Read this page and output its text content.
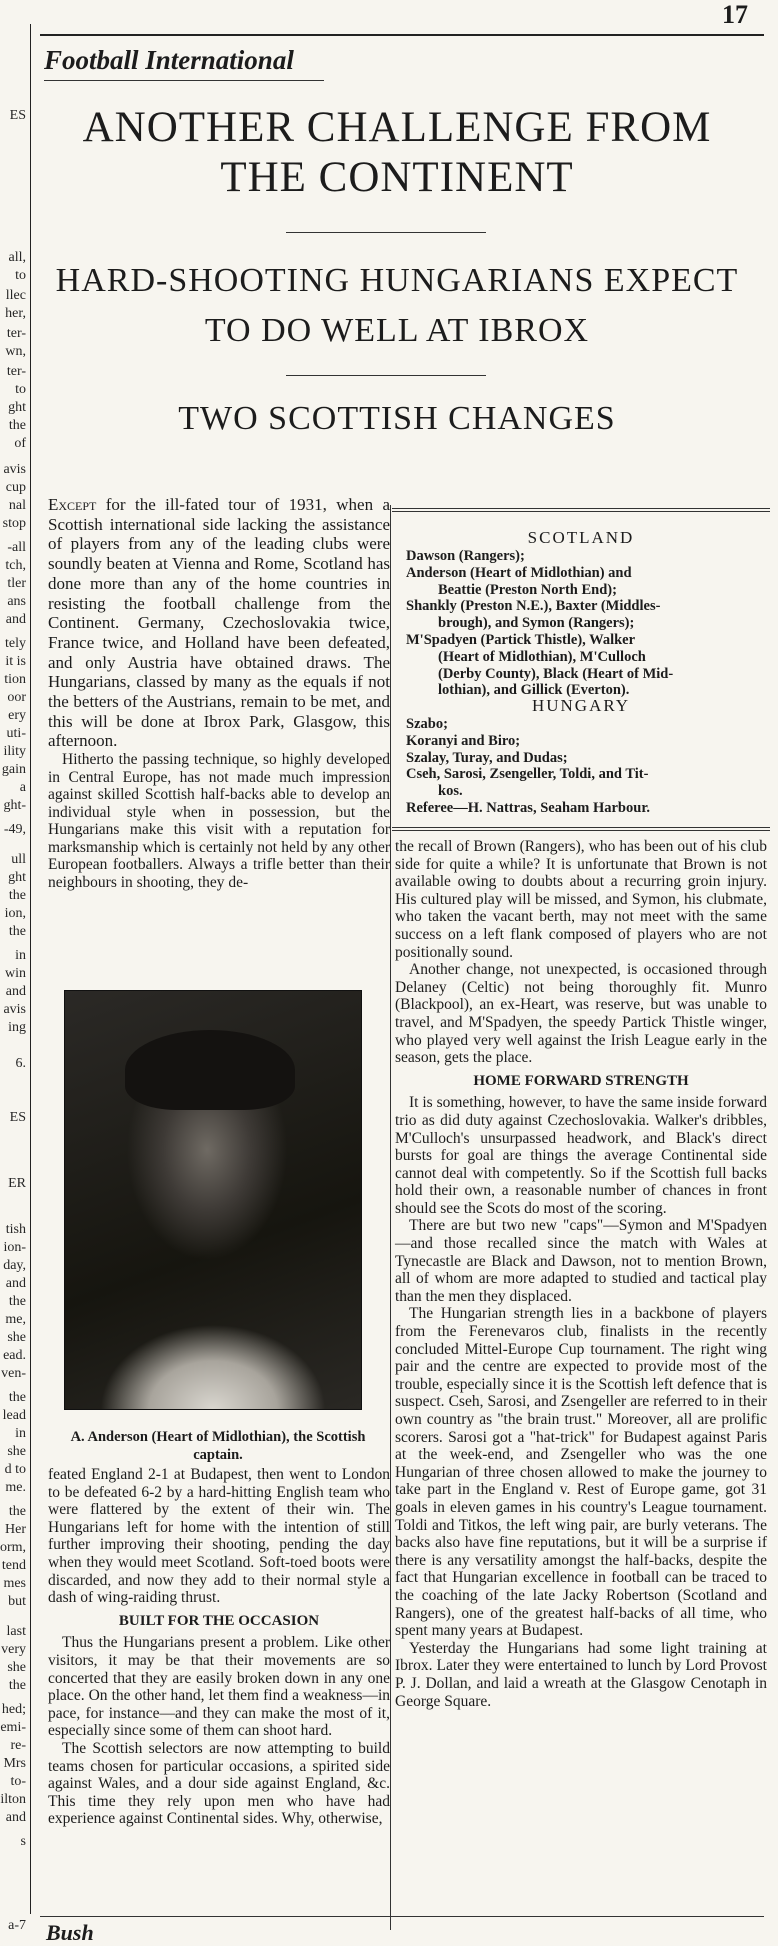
17
ES
all,
to
llec
her,
ter-
wn,
ter-
to
ght
the
of
avis
cup
nal
stop
-all
tch,
tler
ans
and
tely
it is
tion
oor
ery
uti-
ility
gain
a
ght-
-49,
ull
ght
the
ion,
the
in
win
and
avis
ing
6.
ES
ER
tish
ion-
day,
and
the
me,
she
ead.
ven-
the
lead
in
she
d to
me.
the
Her
orm,
tend
mes
but
last
very
she
the
hed;
emi-
re-
Mrs
to-
ilton
and
s
a-7
Football International
ANOTHER CHALLENGE FROM
THE CONTINENT
HARD-SHOOTING HUNGARIANS EXPECT
TO DO WELL AT IBROX
TWO SCOTTISH CHANGES

Except for the ill-fated tour of 1931, when a Scottish international side lacking the assistance of players from any of the leading clubs were soundly beaten at Vienna and Rome, Scotland has done more than any of the home countries in resisting the football challenge from the Continent. Germany, Czechoslovakia twice, France twice, and Holland have been defeated, and only Austria have obtained draws. The Hungarians, classed by many as the equals if not the betters of the Austrians, remain to be met, and this will be done at Ibrox Park, Glasgow, this afternoon.

Hitherto the passing technique, so highly developed in Central Europe, has not made much impression against skilled Scottish half-backs able to develop an individual style when in possession, but the Hungarians make this visit with a reputation for marksmanship which is certainly not held by any other European footballers. Always a trifle better than their neighbours in shooting, they de-

SCOTLAND
Dawson (Rangers);
Anderson (Heart of Midlothian) and
Beattie (Preston North End);
Shankly (Preston N.E.), Baxter (Middles-
brough), and Symon (Rangers);
M'Spadyen (Partick Thistle), Walker
(Heart of Midlothian), M'Culloch
(Derby County), Black (Heart of Mid-
lothian), and Gillick (Everton).
HUNGARY
Szabo;
Koranyi and Biro;
Szalay, Turay, and Dudas;
Cseh, Sarosi, Zsengeller, Toldi, and Tit-
kos.
Referee—H. Nattras, Seaham Harbour.
A. Anderson (Heart of Midlothian), the Scottish captain.

feated England 2-1 at Budapest, then went to London to be defeated 6-2 by a hard-hitting English team who were flattered by the extent of their win. The Hungarians left for home with the intention of still further improving their shooting, pending the day when they would meet Scotland. Soft-toed boots were discarded, and now they add to their normal style a dash of wing-raiding thrust.

BUILT FOR THE OCCASION

Thus the Hungarians present a problem. Like other visitors, it may be that their movements are so concerted that they are easily broken down in any one place. On the other hand, let them find a weakness—in pace, for instance—and they can make the most of it, especially since some of them can shoot hard.

The Scottish selectors are now attempting to build teams chosen for particular occasions, a spirited side against Wales, and a dour side against England, &c. This time they rely upon men who have had experience against Continental sides. Why, otherwise,

the recall of Brown (Rangers), who has been out of his club side for quite a while? It is unfortunate that Brown is not available owing to doubts about a recurring groin injury. His cultured play will be missed, and Symon, his clubmate, who taken the vacant berth, may not meet with the same success on a left flank composed of players who are not positionally sound.

Another change, not unexpected, is occasioned through Delaney (Celtic) not being thoroughly fit. Munro (Blackpool), an ex-Heart, was reserve, but was unable to travel, and M'Spadyen, the speedy Partick Thistle winger, who played very well against the Irish League early in the season, gets the place.

HOME FORWARD STRENGTH

It is something, however, to have the same inside forward trio as did duty against Czechoslovakia. Walker's dribbles, M'Culloch's unsurpassed headwork, and Black's direct bursts for goal are things the average Continental side cannot deal with competently. So if the Scottish full backs hold their own, a reasonable number of chances in front should see the Scots do most of the scoring.

There are but two new "caps"—Symon and M'Spadyen—and those recalled since the match with Wales at Tynecastle are Black and Dawson, not to mention Brown, all of whom are more adapted to studied and tactical play than the men they displaced.

The Hungarian strength lies in a backbone of players from the Ferenevaros club, finalists in the recently concluded Mittel-Europe Cup tournament. The right wing pair and the centre are expected to provide most of the trouble, especially since it is the Scottish left defence that is suspect. Cseh, Sarosi, and Zsengeller are referred to in their own country as "the brain trust." Moreover, all are prolific scorers. Sarosi got a "hat-trick" for Budapest against Paris at the week-end, and Zsengeller who was the one Hungarian of three chosen allowed to make the journey to take part in the England v. Rest of Europe game, got 31 goals in eleven games in his country's League tournament. Toldi and Titkos, the left wing pair, are burly veterans. The backs also have fine reputations, but it will be a surprise if there is any versatility amongst the half-backs, despite the fact that Hungarian excellence in football can be traced to the coaching of the late Jacky Robertson (Scotland and Rangers), one of the greatest half-backs of all time, who spent many years at Budapest.

Yesterday the Hungarians had some light training at Ibrox. Later they were entertained to lunch by Lord Provost P. J. Dollan, and laid a wreath at the Glasgow Cenotaph in George Square.

Bush
